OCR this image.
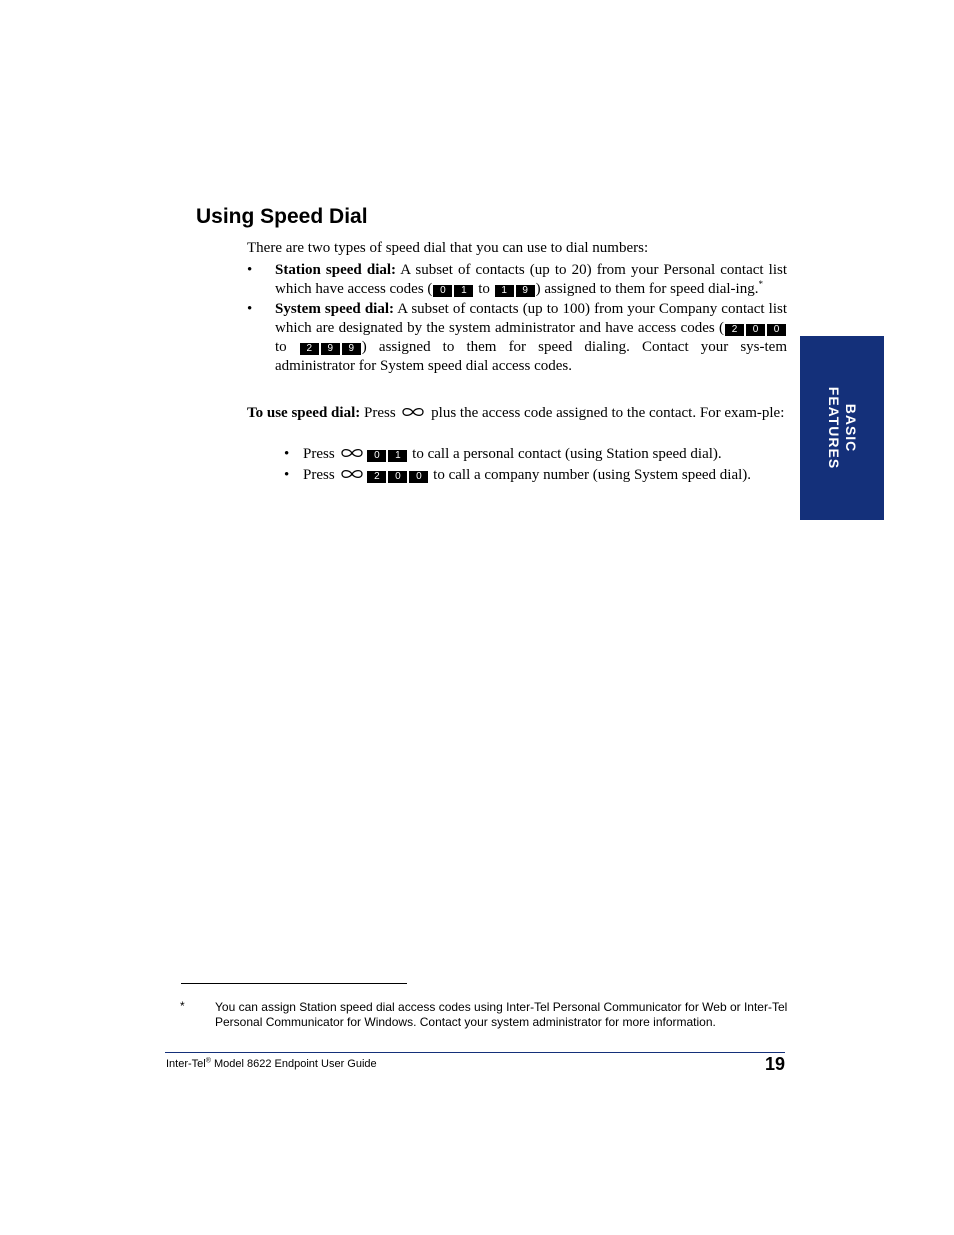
Using Speed Dial

There are two types of speed dial that you can use to dial numbers:

• Station speed dial: A subset of contacts (up to 20) from your Personal contact list which have access codes ( 0 1 to 1 9 ) assigned to them for speed dial-ing.*
• System speed dial: A subset of contacts (up to 100) from your Company contact list which are designated by the system administrator and have access codes ( 2 0 0 to 2 9 9 ) assigned to them for speed dialing. Contact your sys-tem administrator for System speed dial access codes.

To use speed dial: Press  plus the access code assigned to the contact. For exam-ple:

• Press	0 1 to call a personal contact (using Station speed dial).
• Press	2 0 0 to call a company number (using System speed dial).
BASIC
FEATURES
*	You can assign Station speed dial access codes using Inter-Tel Personal Communicator for Web or Inter-Tel Personal Communicator for Windows. Contact your system administrator for more information.

Inter-Tel® Model 8622 Endpoint User Guide	19
